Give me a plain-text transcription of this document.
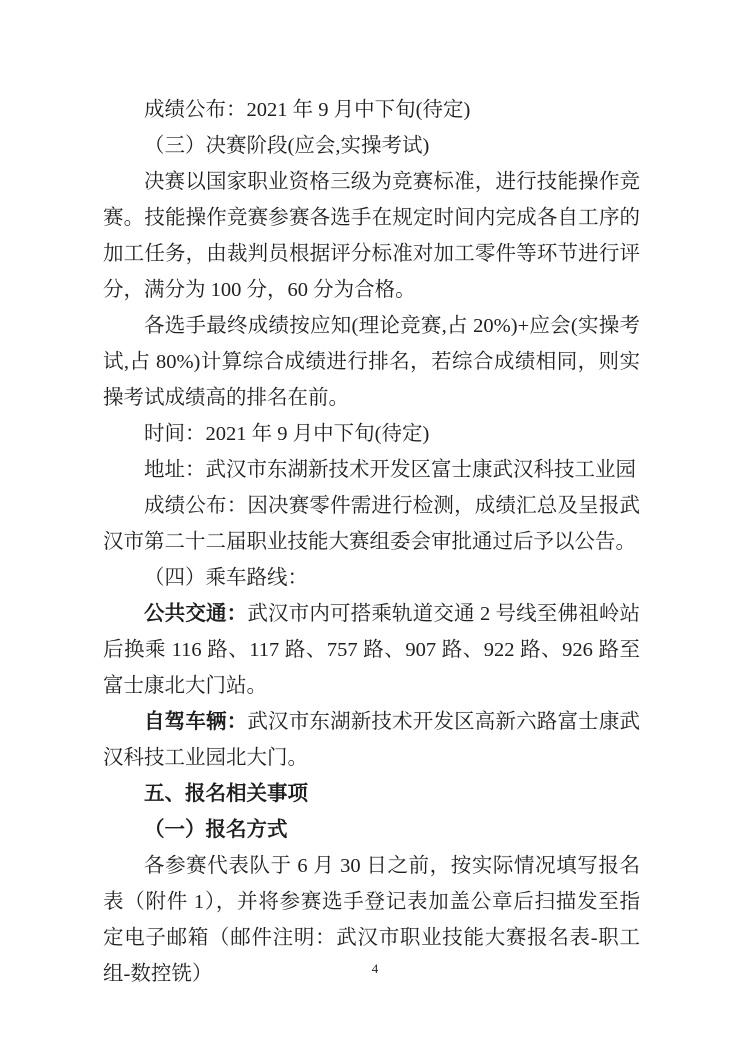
成绩公布：2021 年 9 月中下旬(待定)

（三）决赛阶段(应会,实操考试)

决赛以国家职业资格三级为竞赛标准，进行技能操作竞赛。技能操作竞赛参赛各选手在规定时间内完成各自工序的加工任务，由裁判员根据评分标准对加工零件等环节进行评分，满分为 100 分，60 分为合格。

各选手最终成绩按应知(理论竞赛,占 20%)+应会(实操考试,占 80%)计算综合成绩进行排名，若综合成绩相同，则实操考试成绩高的排名在前。

时间：2021 年 9 月中下旬(待定)

地址：武汉市东湖新技术开发区富士康武汉科技工业园

成绩公布：因决赛零件需进行检测，成绩汇总及呈报武汉市第二十二届职业技能大赛组委会审批通过后予以公告。

（四）乘车路线：

公共交通：武汉市内可搭乘轨道交通 2 号线至佛祖岭站后换乘 116 路、117 路、757 路、907 路、922 路、926 路至富士康北大门站。

自驾车辆：武汉市东湖新技术开发区高新六路富士康武汉科技工业园北大门。

五、报名相关事项

（一）报名方式

各参赛代表队于 6 月 30 日之前，按实际情况填写报名表（附件 1），并将参赛选手登记表加盖公章后扫描发至指定电子邮箱（邮件注明：武汉市职业技能大赛报名表-职工组-数控铣）	4
